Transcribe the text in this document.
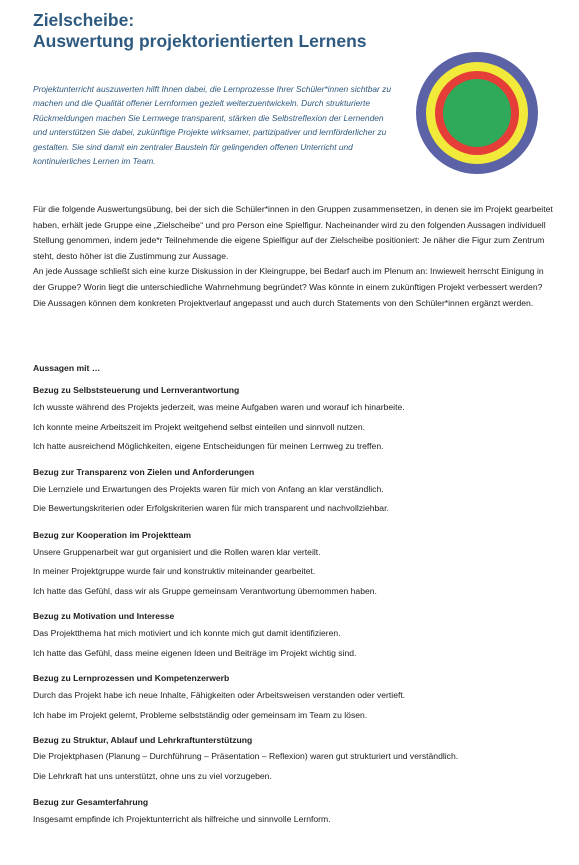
Zielscheibe:
Auswertung projektorientierten Lernens

Projektunterricht auszuwerten hilft Ihnen dabei, die Lernprozesse Ihrer Schüler*innen sichtbar zu machen und die Qualität offener Lernformen gezielt weiterzuentwickeln. Durch strukturierte Rückmeldungen machen Sie Lernwege transparent, stärken die Selbstreflexion der Lernenden und unterstützen Sie dabei, zukünftige Projekte wirksamer, partizipativer und lernförderlicher zu gestalten. Sie sind damit ein zentraler Baustein für gelingenden offenen Unterricht und kontinuierliches Lernen im Team.

Für die folgende Auswertungsübung, bei der sich die Schüler*innen in den Gruppen zusammensetzen, in denen sie im Projekt gearbeitet haben, erhält jede Gruppe eine „Zielscheibe“ und pro Person eine Spielfigur. Nacheinander wird zu den folgenden Aussagen individuell Stellung genommen, indem jede*r Teilnehmende die eigene Spielfigur auf der Zielscheibe positioniert: Je näher die Figur zum Zentrum steht, desto höher ist die Zustimmung zur Aussage.

An jede Aussage schließt sich eine kurze Diskussion in der Kleingruppe, bei Bedarf auch im Plenum an: Inwieweit herrscht Einigung in der Gruppe? Worin liegt die unterschiedliche Wahrnehmung begründet? Was könnte in einem zukünftigen Projekt verbessert werden? Die Aussagen können dem konkreten Projektverlauf angepasst und auch durch Statements von den Schüler*innen ergänzt werden.

Aussagen mit …
Bezug zu Selbststeuerung und Lernverantwortung
Ich wusste während des Projekts jederzeit, was meine Aufgaben waren und worauf ich hinarbeite.
Ich konnte meine Arbeitszeit im Projekt weitgehend selbst einteilen und sinnvoll nutzen.
Ich hatte ausreichend Möglichkeiten, eigene Entscheidungen für meinen Lernweg zu treffen.
Bezug zur Transparenz von Zielen und Anforderungen
Die Lernziele und Erwartungen des Projekts waren für mich von Anfang an klar verständlich.
Die Bewertungskriterien oder Erfolgskriterien waren für mich transparent und nachvollziehbar.
Bezug zur Kooperation im Projektteam
Unsere Gruppenarbeit war gut organisiert und die Rollen waren klar verteilt.
In meiner Projektgruppe wurde fair und konstruktiv miteinander gearbeitet.
Ich hatte das Gefühl, dass wir als Gruppe gemeinsam Verantwortung übernommen haben.
Bezug zu Motivation und Interesse
Das Projektthema hat mich motiviert und ich konnte mich gut damit identifizieren.
Ich hatte das Gefühl, dass meine eigenen Ideen und Beiträge im Projekt wichtig sind.
Bezug zu Lernprozessen und Kompetenzerwerb
Durch das Projekt habe ich neue Inhalte, Fähigkeiten oder Arbeitsweisen verstanden oder vertieft.
Ich habe im Projekt gelernt, Probleme selbstständig oder gemeinsam im Team zu lösen.
Bezug zu Struktur, Ablauf und Lehrkraftunterstützung
Die Projektphasen (Planung – Durchführung – Präsentation – Reflexion) waren gut strukturiert und verständlich.
Die Lehrkraft hat uns unterstützt, ohne uns zu viel vorzugeben.
Bezug zur Gesamterfahrung
Insgesamt empfinde ich Projektunterricht als hilfreiche und sinnvolle Lernform.
